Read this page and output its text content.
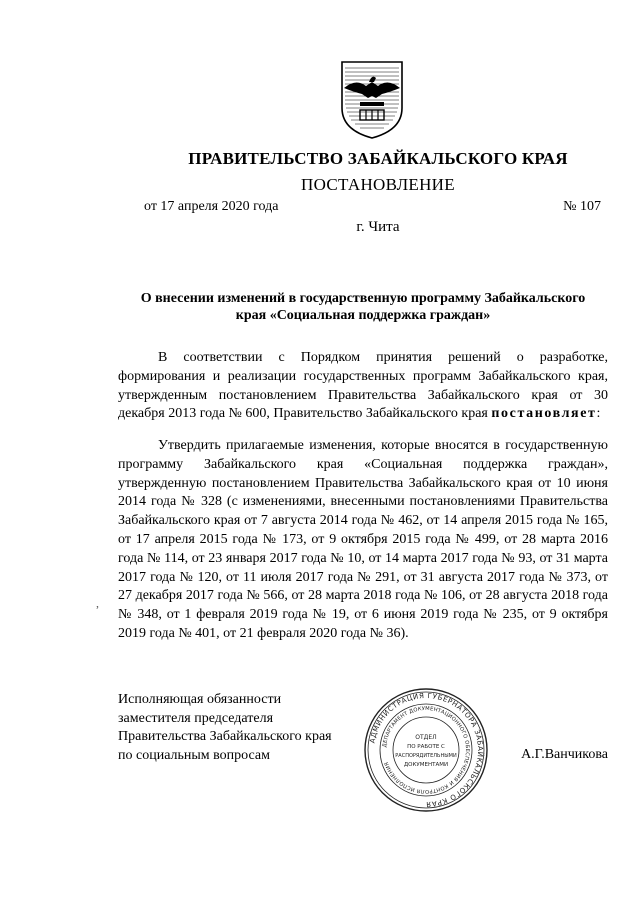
ПРАВИТЕЛЬСТВО ЗАБАЙКАЛЬСКОГО КРАЯ
ПОСТАНОВЛЕНИЕ
от 17 апреля 2020 года	№ 107
г. Чита
О внесении изменений в государственную программу Забайкальского
края «Социальная поддержка граждан»
В соответствии с Порядком принятия решений о разработке, формирования и реализации государственных программ Забайкальского края, утвержденным постановлением Правительства Забайкальского края от 30 декабря 2013 года № 600, Правительство Забайкальского края постановляет:
Утвердить прилагаемые изменения, которые вносятся в государственную программу Забайкальского края «Социальная поддержка граждан», утвержденную постановлением Правительства Забайкальского края от 10 июня 2014 года № 328 (с изменениями, внесенными постановлениями Правительства Забайкальского края от 7 августа 2014 года № 462, от 14 апреля 2015 года № 165, от 17 апреля 2015 года № 173, от 9 октября 2015 года № 499, от 28 марта 2016 года № 114, от 23 января 2017 года № 10, от 14 марта 2017 года № 93, от 31 марта 2017 года № 120, от 11 июля 2017 года № 291, от 31 августа 2017 года № 373, от 27 декабря 2017 года № 566, от 28 марта 2018 года № 106, от 28 августа 2018 года № 348, от 1 февраля 2019 года № 19, от 6 июня 2019 года № 235, от 9 октября 2019 года № 401, от 21 февраля 2020 года № 36).
,
Исполняющая обязанности
заместителя председателя
Правительства Забайкальского края
по социальным вопросам
АДМИНИСТРАЦИЯ ГУБЕРНАТОРА ЗАБАЙКАЛЬСКОГО КРАЯ
ДЕПАРТАМЕНТ ДОКУМЕНТАЦИОННОГО ОБЕСПЕЧЕНИЯ И КОНТРОЛЯ ИСПОЛНЕНИЯ
ОТДЕЛ
ПО РАБОТЕ С
РАСПОРЯДИТЕЛЬНЫМИ
ДОКУМЕНТАМИ
А.Г.Ванчикова
